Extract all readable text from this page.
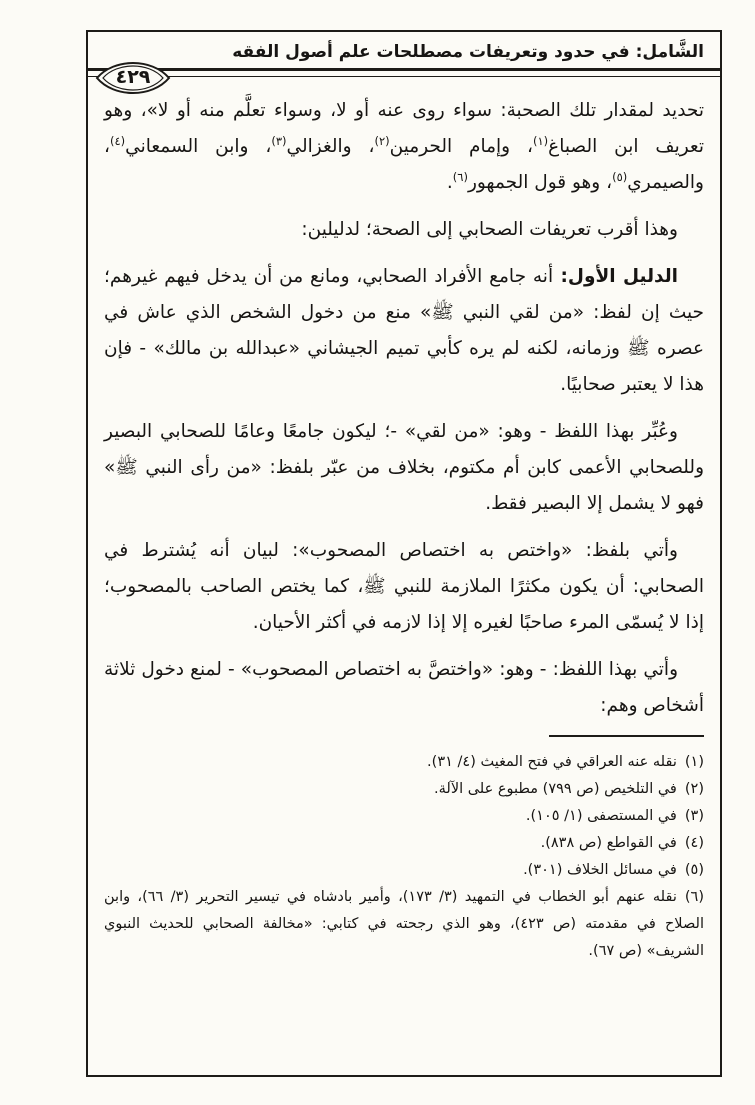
الشَّامل: في حدود وتعريفات مصطلحات علم أصول الفقه
٤٢٩

تحديد لمقدار تلك الصحبة: سواء روى عنه أو لا، وسواء تعلَّم منه أو لا»، وهو تعريف ابن الصباغ$^{(١)}$، وإمام الحرمين$^{(٢)}$، والغزالي$^{(٣)}$، وابن السمعاني$^{(٤)}$، والصيمري$^{(٥)}$، وهو قول الجمهور$^{(٦)}$.

وهذا أقرب تعريفات الصحابي إلى الصحة؛ لدليلين:

الدليل الأول: أنه جامع الأفراد الصحابي، ومانع من أن يدخل فيهم غيرهم؛ حيث إن لفظ: «من لقي النبي ﷺ» منع من دخول الشخص الذي عاش في عصره ﷺ وزمانه، لكنه لم يره كأبي تميم الجيشاني «عبدالله بن مالك» - فإن هذا لا يعتبر صحابيًا.

وعُبِّر بهذا اللفظ - وهو: «من لقي» -؛ ليكون جامعًا وعامًا للصحابي البصير وللصحابي الأعمى كابن أم مكتوم، بخلاف من عبّر بلفظ: «من رأى النبي ﷺ» فهو لا يشمل إلا البصير فقط.

وأتي بلفظ: «واختص به اختصاص المصحوب»: لبيان أنه يُشترط في الصحابي: أن يكون مكثرًا الملازمة للنبي ﷺ، كما يختص الصاحب بالمصحوب؛ إذا لا يُسمّى المرء صاحبًا لغيره إلا إذا لازمه في أكثر الأحيان.

وأتي بهذا اللفظ: - وهو: «واختصَّ به اختصاص المصحوب» - لمنع دخول ثلاثة أشخاص وهم:

(١)نقله عنه العراقي في فتح المغيث (٤/ ٣١).

(٢)في التلخيص (ص ٧٩٩) مطبوع على الآلة.

(٣)في المستصفى (١/ ١٠٥).

(٤)في القواطع (ص ٨٣٨).

(٥)في مسائل الخلاف (٣٠١).

(٦)نقله عنهم أبو الخطاب في التمهيد (٣/ ١٧٣)، وأمير بادشاه في تيسير التحرير (٣/ ٦٦)، وابن الصلاح في مقدمته (ص ٤٢٣)، وهو الذي رجحته في كتابي: «مخالفة الصحابي للحديث النبوي الشريف» (ص ٦٧).
